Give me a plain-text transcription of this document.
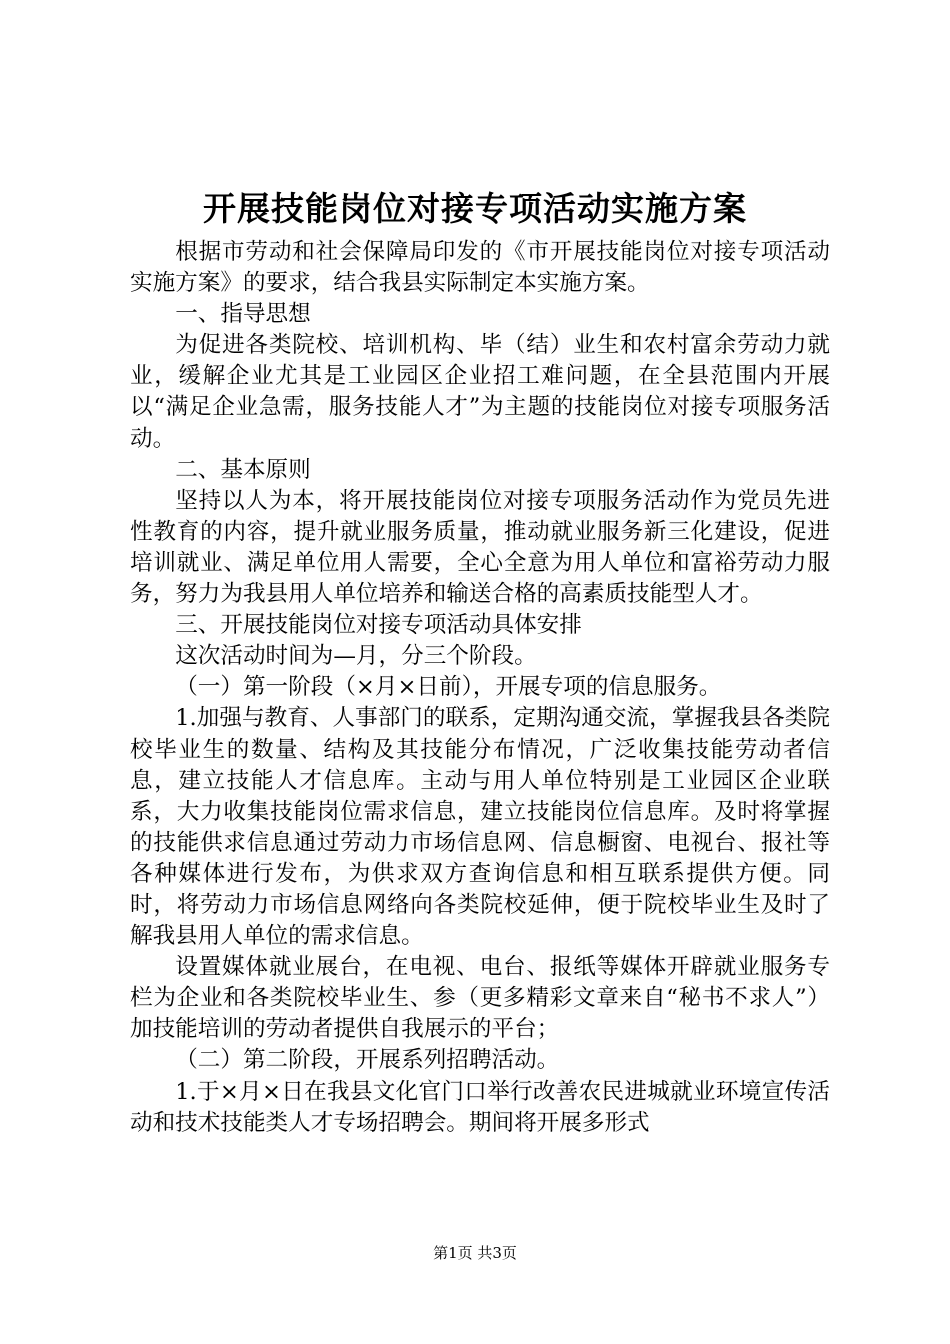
开展技能岗位对接专项活动实施方案

根据市劳动和社会保障局印发的《市开展技能岗位对接专项活动实施方案》的要求，结合我县实际制定本实施方案。

一、指导思想

为促进各类院校、培训机构、毕（结）业生和农村富余劳动力就业，缓解企业尤其是工业园区企业招工难问题，在全县范围内开展以“满足企业急需，服务技能人才”为主题的技能岗位对接专项服务活动。

二、基本原则

坚持以人为本，将开展技能岗位对接专项服务活动作为党员先进性教育的内容，提升就业服务质量，推动就业服务新三化建设，促进培训就业、满足单位用人需要，全心全意为用人单位和富裕劳动力服务，努力为我县用人单位培养和输送合格的高素质技能型人才。

三、开展技能岗位对接专项活动具体安排

这次活动时间为—月，分三个阶段。

（一）第一阶段（×月×日前），开展专项的信息服务。

1.加强与教育、人事部门的联系，定期沟通交流，掌握我县各类院校毕业生的数量、结构及其技能分布情况，广泛收集技能劳动者信息，建立技能人才信息库。主动与用人单位特别是工业园区企业联系，大力收集技能岗位需求信息，建立技能岗位信息库。及时将掌握的技能供求信息通过劳动力市场信息网、信息橱窗、电视台、报社等各种媒体进行发布，为供求双方查询信息和相互联系提供方便。同时，将劳动力市场信息网络向各类院校延伸，便于院校毕业生及时了解我县用人单位的需求信息。

设置媒体就业展台，在电视、电台、报纸等媒体开辟就业服务专栏为企业和各类院校毕业生、参（更多精彩文章来自“秘书不求人”）加技能培训的劳动者提供自我展示的平台；

（二）第二阶段，开展系列招聘活动。

1.于×月×日在我县文化官门口举行改善农民进城就业环境宣传活动和技术技能类人才专场招聘会。期间将开展多形式

第1页 共3页
